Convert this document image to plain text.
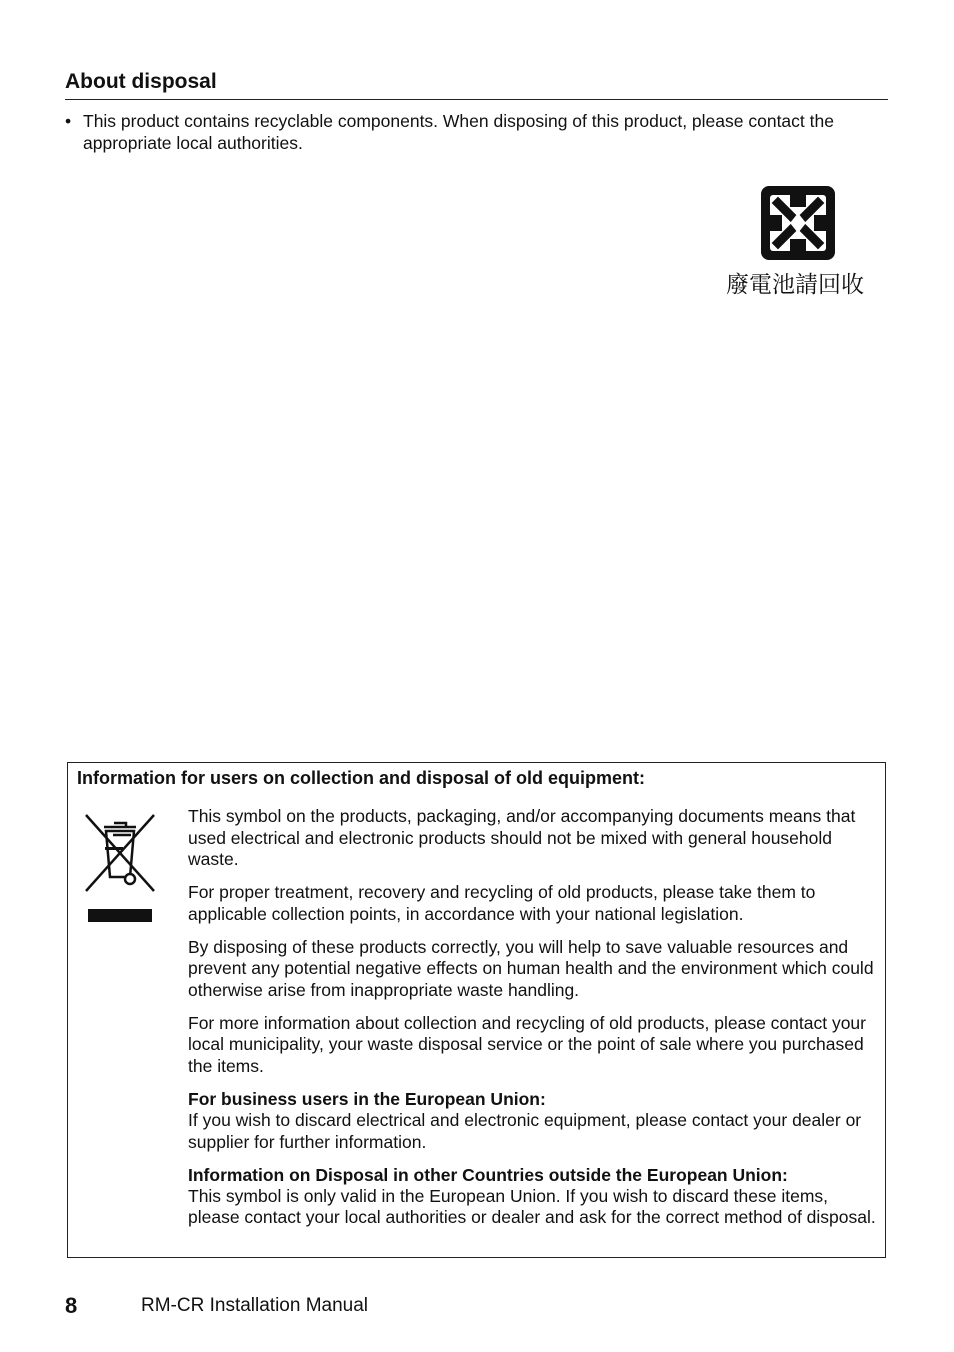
About disposal
• This product contains recyclable components. When disposing of this product, please contact the appropriate local authorities.
廢電池請回收
Information for users on collection and disposal of old equipment:

This symbol on the products, packaging, and/or accompanying documents means that used electrical and electronic products should not be mixed with general household waste.

For proper treatment, recovery and recycling of old products, please take them to applicable collection points, in accordance with your national legislation.

By disposing of these products correctly, you will help to save valuable resources and prevent any potential negative effects on human health and the environment which could otherwise arise from inappropriate waste handling.

For more information about collection and recycling of old products, please contact your local municipality, your waste disposal service or the point of sale where you purchased the items.

For business users in the European Union:
If you wish to discard electrical and electronic equipment, please contact your dealer or supplier for further information.

Information on Disposal in other Countries outside the European Union:
This symbol is only valid in the European Union. If you wish to discard these items, please contact your local authorities or dealer and ask for the correct method of disposal.

8	RM-CR Installation Manual
